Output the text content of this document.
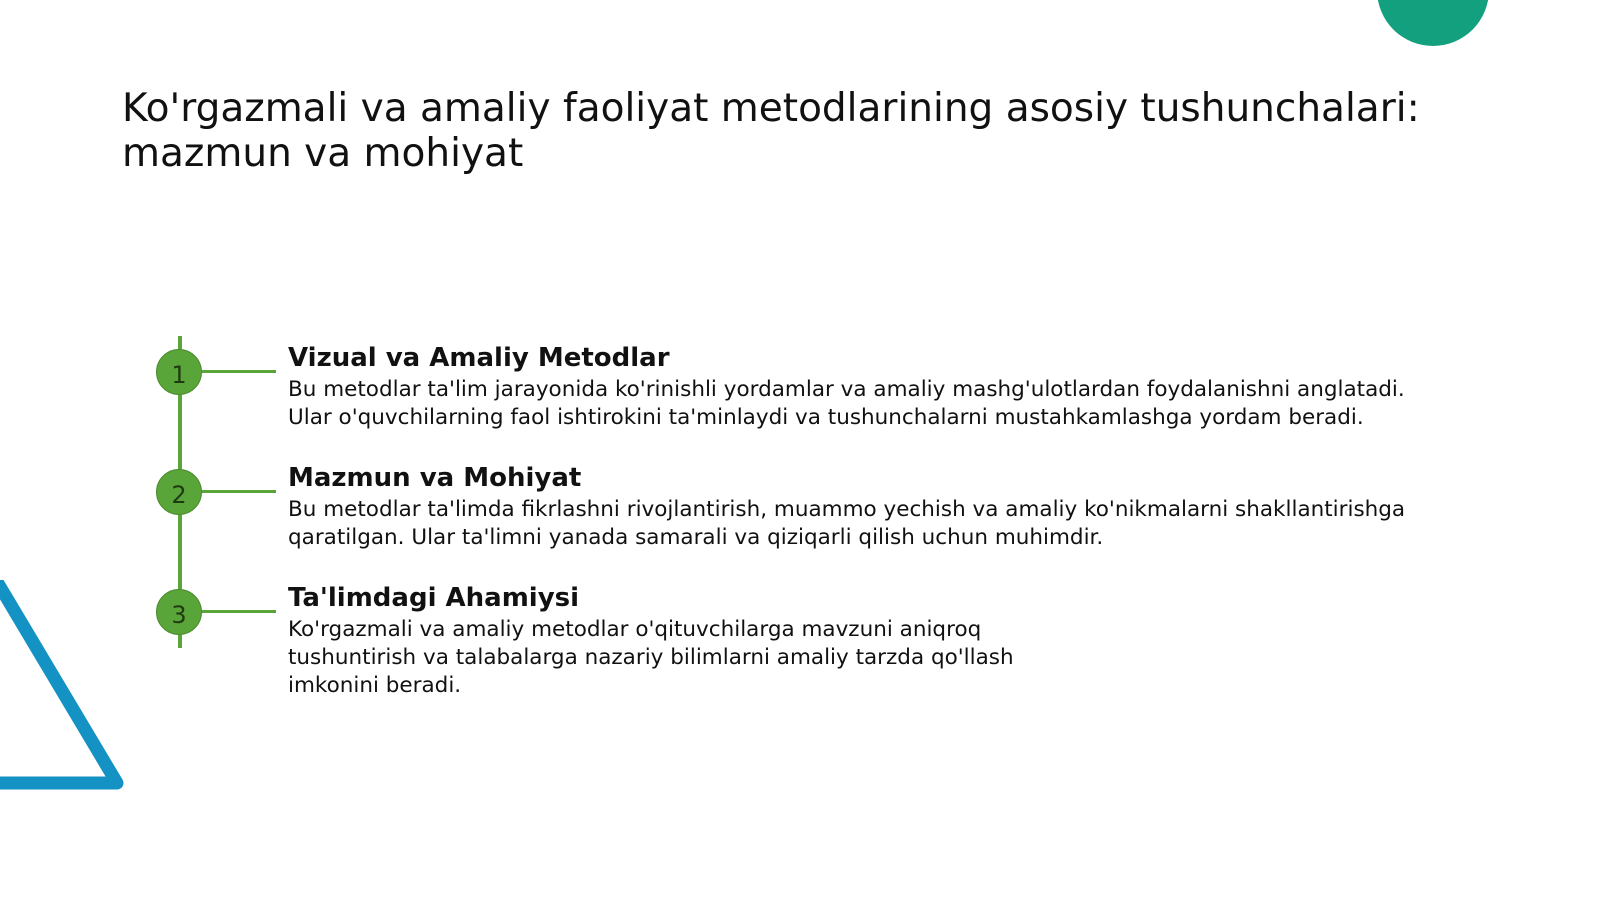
Ko'rgazmali va amaliy faoliyat metodlarining asosiy tushunchalari: mazmun va mohiyat
1
Vizual va Amaliy Metodlar

Bu metodlar ta'lim jarayonida ko'rinishli yordamlar va amaliy mashg'ulotlardan foydalanishni anglatadi. Ular o'quvchilarning faol ishtirokini ta'minlaydi va tushunchalarni mustahkamlashga yordam beradi.

2
Mazmun va Mohiyat

Bu metodlar ta'limda fikrlashni rivojlantirish, muammo yechish va amaliy ko'nikmalarni shakllantirishga qaratilgan. Ular ta'limni yanada samarali va qiziqarli qilish uchun muhimdir.

3
Ta'limdagi Ahamiysi

Ko'rgazmali va amaliy metodlar o'qituvchilarga mavzuni aniqroq tushuntirish va talabalarga nazariy bilimlarni amaliy tarzda qo'llash imkonini beradi.
